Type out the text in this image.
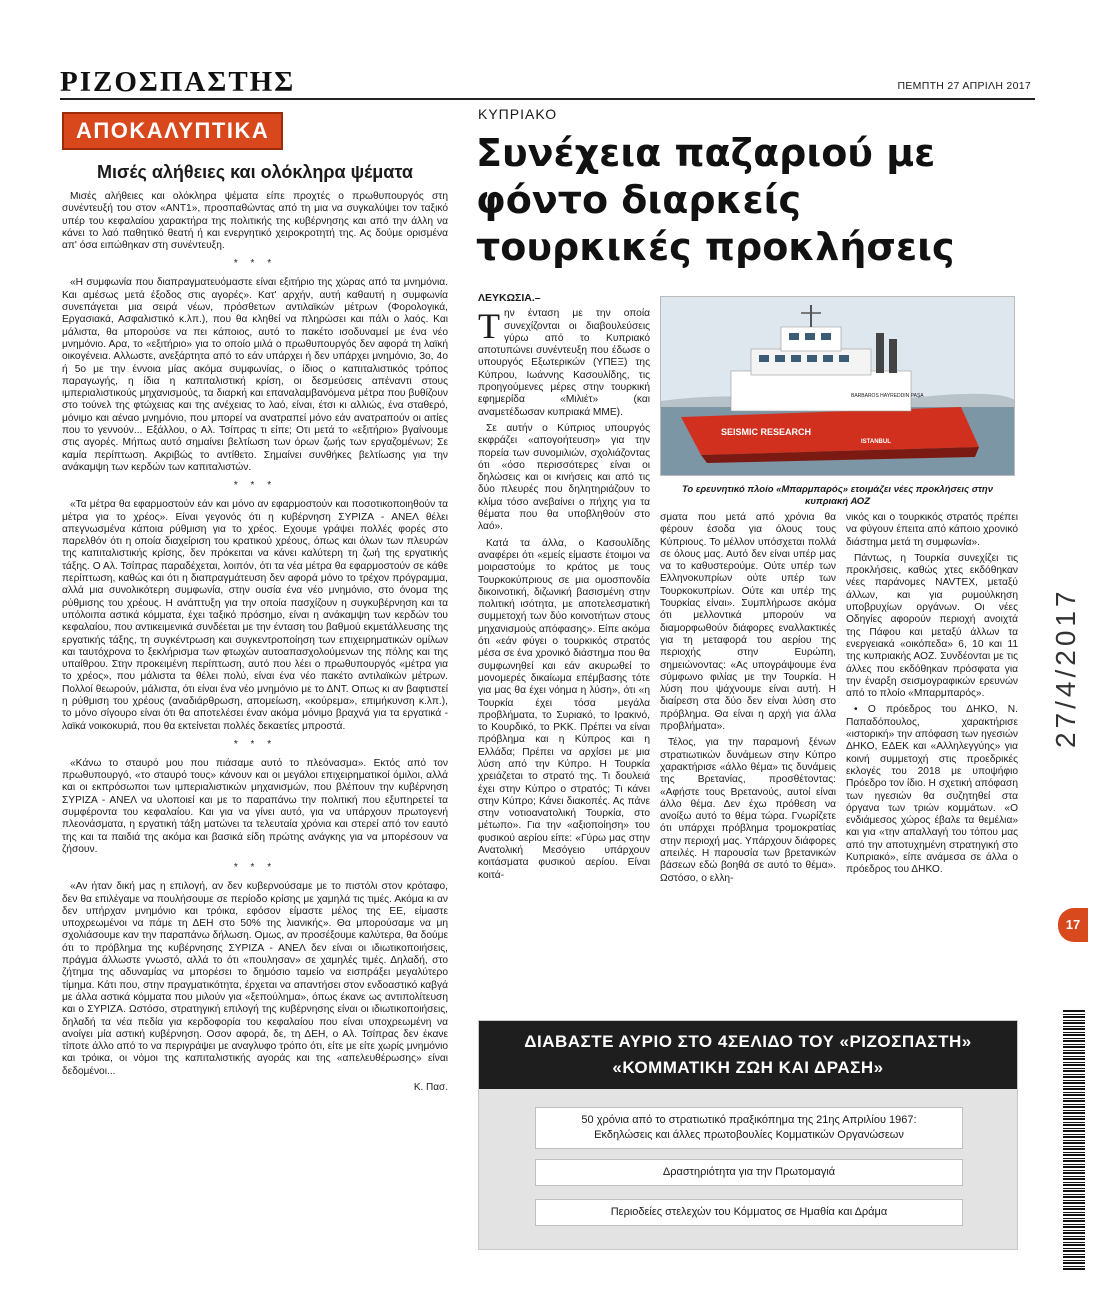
ΡΙΖΟΣΠΑΣΤΗΣ	ΠΕΜΠΤΗ 27 ΑΠΡΙΛΗ 2017
ΑΠΟΚΑΛΥΠΤΙΚΑ
Μισές αλήθειες και ολόκληρα ψέματα

Μισές αλήθειες και ολόκληρα ψέματα είπε προχτές ο πρωθυπουργός στη συνέντευξή του στον «ΑΝΤ1», προσπαθώντας από τη μια να συγκαλύψει τον ταξικό υπέρ του κεφαλαίου χαρακτήρα της πολιτικής της κυβέρνησης και από την άλλη να κάνει το λαό παθητικό θεατή ή και ενεργητικό χειροκροτητή της. Ας δούμε ορισμένα απ' όσα ειπώθηκαν στη συνέντευξη.

* * *

«Η συμφωνία που διαπραγματευόμαστε είναι εξιτήριο της χώρας από τα μνημόνια. Και αμέσως μετά έξοδος στις αγορές». Κατ' αρχήν, αυτή καθαυτή η συμφωνία συνεπάγεται μια σειρά νέων, πρόσθετων αντιλαϊκών μέτρων (Φορολογικά, Εργασιακά, Ασφαλιστικό κ.λπ.), που θα κληθεί να πληρώσει και πάλι ο λαός. Και μάλιστα, θα μπορούσε να πει κάποιος, αυτό το πακέτο ισοδυναμεί με ένα νέο μνημόνιο. Αρα, το «εξιτήριο» για το οποίο μιλά ο πρωθυπουργός δεν αφορά τη λαϊκή οικογένεια. Αλλωστε, ανεξάρτητα από το εάν υπάρχει ή δεν υπάρχει μνημόνιο, 3ο, 4ο ή 5ο με την έννοια μίας ακόμα συμφωνίας, ο ίδιος ο καπιταλιστικός τρόπος παραγωγής, η ίδια η καπιταλιστική κρίση, οι δεσμεύσεις απέναντι στους ιμπεριαλιστικούς μηχανισμούς, τα διαρκή και επαναλαμβανόμενα μέτρα που βυθίζουν στο τούνελ της φτώχειας και της ανέχειας το λαό, είναι, έτσι κι αλλιώς, ένα σταθερό, μόνιμο και αέναο μνημόνιο, που μπορεί να ανατραπεί μόνο εάν ανατραπούν οι αιτίες που το γεννούν... Εξάλλου, ο Αλ. Τσίπρας τι είπε; Οτι μετά το «εξιτήριο» βγαίνουμε στις αγορές. Μήπως αυτό σημαίνει βελτίωση των όρων ζωής των εργαζομένων; Σε καμία περίπτωση. Ακριβώς το αντίθετο. Σημαίνει συνθήκες βελτίωσης για την ανάκαμψη των κερδών των καπιταλιστών.

* * *

«Τα μέτρα θα εφαρμοστούν εάν και μόνο αν εφαρμοστούν και ποσοτικοποιηθούν τα μέτρα για το χρέος». Είναι γεγονός ότι η κυβέρνηση ΣΥΡΙΖΑ - ΑΝΕΛ θέλει απεγνωσμένα κάποια ρύθμιση για το χρέος. Εχουμε γράψει πολλές φορές στο παρελθόν ότι η οποία διαχείριση του κρατικού χρέους, όπως και όλων των πλευρών της καπιταλιστικής κρίσης, δεν πρόκειται να κάνει καλύτερη τη ζωή της εργατικής τάξης. Ο Αλ. Τσίπρας παραδέχεται, λοιπόν, ότι τα νέα μέτρα θα εφαρμοστούν σε κάθε περίπτωση, καθώς και ότι η διαπραγμάτευση δεν αφορά μόνο το τρέχον πρόγραμμα, αλλά μια συνολικότερη συμφωνία, στην ουσία ένα νέο μνημόνιο, στο όνομα της ρύθμισης του χρέους. Η ανάπτυξη για την οποία πασχίζουν η συγκυβέρνηση και τα υπόλοιπα αστικά κόμματα, έχει ταξικό πρόσημο, είναι η ανάκαμψη των κερδών του κεφαλαίου, που αντικειμενικά συνδέεται με την ένταση του βαθμού εκμετάλλευσης της εργατικής τάξης, τη συγκέντρωση και συγκεντροποίηση των επιχειρηματικών ομίλων και ταυτόχρονα το ξεκλήρισμα των φτωχών αυτοαπασχολούμενων της πόλης και της υπαίθρου. Στην προκειμένη περίπτωση, αυτό που λέει ο πρωθυπουργός «μέτρα για το χρέος», που μάλιστα τα θέλει πολύ, είναι ένα νέο πακέτο αντιλαϊκών μέτρων. Πολλοί θεωρούν, μάλιστα, ότι είναι ένα νέο μνημόνιο με το ΔΝΤ. Οπως κι αν βαφτιστεί η ρύθμιση του χρέους (αναδιάρθρωση, απομείωση, «κούρεμα», επιμήκυνση κ.λπ.), το μόνο σίγουρο είναι ότι θα αποτελέσει έναν ακόμα μόνιμο βραχνά για τα εργατικά - λαϊκά νοικοκυριά, που θα εκτείνεται πολλές δεκαετίες μπροστά.

* * *

«Κάνω το σταυρό μου που πιάσαμε αυτό το πλεόνασμα». Εκτός από τον πρωθυπουργό, «το σταυρό τους» κάνουν και οι μεγάλοι επιχειρηματικοί όμιλοι, αλλά και οι εκπρόσωποι των ιμπεριαλιστικών μηχανισμών, που βλέπουν την κυβέρνηση ΣΥΡΙΖΑ - ΑΝΕΛ να υλοποιεί και με το παραπάνω την πολιτική που εξυπηρετεί τα συμφέροντα του κεφαλαίου. Και για να γίνει αυτό, για να υπάρχουν πρωτογενή πλεονάσματα, η εργατική τάξη ματώνει τα τελευταία χρόνια και στερεί από τον εαυτό της και τα παιδιά της ακόμα και βασικά είδη πρώτης ανάγκης για να μπορέσουν να ζήσουν.

* * *

«Αν ήταν δική μας η επιλογή, αν δεν κυβερνούσαμε με το πιστόλι στον κρόταφο, δεν θα επιλέγαμε να πουλήσουμε σε περίοδο κρίσης με χαμηλά τις τιμές. Ακόμα κι αν δεν υπήρχαν μνημόνιο και τρόικα, εφόσον είμαστε μέλος της ΕΕ, είμαστε υποχρεωμένοι να πάμε τη ΔΕΗ στο 50% της λιανικής». Θα μπορούσαμε να μη σχολιάσουμε καν την παραπάνω δήλωση. Ομως, αν προσέξουμε καλύτερα, θα δούμε ότι το πρόβλημα της κυβέρνησης ΣΥΡΙΖΑ - ΑΝΕΛ δεν είναι οι ιδιωτικοποιήσεις, πράγμα άλλωστε γνωστό, αλλά το ότι «πουλησαν» σε χαμηλές τιμές. Δηλαδή, στο ζήτημα της αδυναμίας να μπορέσει το δημόσιο ταμείο να εισπράξει μεγαλύτερο τίμημα. Κάτι που, στην πραγματικότητα, έρχεται να απαντήσει στον ενδοαστικό καβγά με άλλα αστικά κόμματα που μιλούν για «ξεπούλημα», όπως έκανε ως αντιπολίτευση και ο ΣΥΡΙΖΑ. Ωστόσο, στρατηγική επιλογή της κυβέρνησης είναι οι ιδιωτικοποιήσεις, δηλαδή τα νέα πεδία για κερδοφορία του κεφαλαίου που είναι υποχρεωμένη να ανοίγει μία αστική κυβέρνηση. Οσον αφορά, δε, τη ΔΕΗ, ο Αλ. Τσίπρας δεν έκανε τίποτε άλλο από το να περιγράψει με αναγλυφο τρόπο ότι, είτε με είτε χωρίς μνημόνιο και τρόικα, οι νόμοι της καπιταλιστικής αγοράς και της «απελευθέρωσης» είναι δεδομένοι...

Κ. Πασ.
ΚΥΠΡΙΑΚΟ
Συνέχεια παζαριού με φόντο διαρκείς τουρκικές προκλήσεις
ΛΕΥΚΩΣΙΑ.–
Τ ην ένταση με την οποία συνεχίζονται οι διαβουλεύσεις γύρω από το Κυπριακό αποτυπώνει συνέντευξη που έδωσε ο υπουργός Εξωτερικών (ΥΠΕΞ) της Κύπρου, Ιωάννης Κασουλίδης, τις προηγούμενες μέρες στην τουρκική εφημερίδα «Μιλιέτ» (και αναμετέδωσαν κυπριακά ΜΜΕ).

Σε αυτήν ο Κύπριος υπουργός εκφράζει «απογοήτευση» για την πορεία των συνομιλιών, σχολιάζοντας ότι «όσο περισσότερες είναι οι δηλώσεις και οι κινήσεις και από τις δύο πλευρές που δηλητηριάζουν το κλίμα τόσο ανεβαίνει ο πήχης για τα θέματα που θα υποβληθούν στο λαό».

Κατά τα άλλα, ο Κασουλίδης αναφέρει ότι «εμείς είμαστε έτοιμοι να μοιραστούμε το κράτος με τους Τουρκοκύπριους σε μια ομοσπονδία δικοινοτική, διζωνική βασισμένη στην πολιτική ισότητα, με αποτελεσματική συμμετοχή των δύο κοινοτήτων στους μηχανισμούς απόφασης». Είπε ακόμα ότι «εάν φύγει ο τουρκικός στρατός μέσα σε ένα χρονικό διάστημα που θα συμφωνηθεί και εάν ακυρωθεί το μονομερές δικαίωμα επέμβασης τότε για μας θα έχει νόημα η λύση», ότι «η Τουρκία έχει τόσα μεγάλα προβλήματα, το Συριακό, το Ιρακινό, το Κουρδικό, το ΡΚΚ. Πρέπει να είναι πρόβλημα και η Κύπρος και η Ελλάδα; Πρέπει να αρχίσει με μια λύση από την Κύπρο. Η Τουρκία χρειάζεται το στρατό της. Τι δουλειά έχει στην Κύπρο ο στρατός; Τι κάνει στην Κύπρο; Κάνει διακοπές. Ας πάνε στην νοτιοανατολική Τουρκία, στο μέτωπο». Για την «αξιοποίηση» του φυσικού αερίου είπε: «Γύρω μας στην Ανατολική Μεσόγειο υπάρχουν κοιτάσματα φυσικού αερίου. Είναι κοιτά-

SEISMIC RESEARCH
BARBAROS HAYREDDIN PAŞA
ISTANBUL
Το ερευνητικό πλοίο «Μπαρμπαρός» ετοιμάζει νέες προκλήσεις στην κυπριακή ΑΟΖ

σματα που μετά από χρόνια θα φέρουν έσοδα για όλους τους Κύπριους. Το μέλλον υπόσχεται πολλά σε όλους μας. Αυτό δεν είναι υπέρ μας να το καθυστερούμε. Ούτε υπέρ των Ελληνοκυπρίων ούτε υπέρ των Τουρκοκυπρίων. Ούτε και υπέρ της Τουρκίας είναι». Συμπλήρωσε ακόμα ότι μελλοντικά μπορούν να διαμορφωθούν διάφορες εναλλακτικές για τη μεταφορά του αερίου της περιοχής στην Ευρώπη, σημειώνοντας: «Ας υπογράψουμε ένα σύμφωνο φιλίας με την Τουρκία. Η λύση που ψάχνουμε είναι αυτή. Η διαίρεση στα δύο δεν είναι λύση στο πρόβλημα. Θα είναι η αρχή για άλλα προβλήματα».

Τέλος, για την παραμονή ξένων στρατιωτικών δυνάμεων στην Κύπρο χαρακτήρισε «άλλο θέμα» τις δυνάμεις της Βρετανίας, προσθέτοντας: «Αφήστε τους Βρετανούς, αυτοί είναι άλλο θέμα. Δεν έχω πρόθεση να ανοίξω αυτό το θέμα τώρα. Γνωρίζετε ότι υπάρχει πρόβλημα τρομοκρατίας στην περιοχή μας. Υπάρχουν διάφορες απειλές. Η παρουσία των βρετανικών βάσεων εδώ βοηθά σε αυτό το θέμα». Ωστόσο, ο ελλη-

νικός και ο τουρκικός στρατός πρέπει να φύγουν έπειτα από κάποιο χρονικό διάστημα μετά τη συμφωνία».

Πάντως, η Τουρκία συνεχίζει τις προκλήσεις, καθώς χτες εκδόθηκαν νέες παράνομες NAVTEX, μεταξύ άλλων, και για ρυμούλκηση υποβρυχίων οργάνων. Οι νέες Οδηγίες αφορούν περιοχή ανοιχτά της Πάφου και μεταξύ άλλων τα ενεργειακά «οικόπεδα» 6, 10 και 11 της κυπριακής ΑΟΖ. Συνδέονται με τις άλλες που εκδόθηκαν πρόσφατα για την έναρξη σεισμογραφικών ερευνών από το πλοίο «Μπαρμπαρός».

• Ο πρόεδρος του ΔΗΚΟ, Ν. Παπαδόπουλος, χαρακτήρισε «ιστορική» την απόφαση των ηγεσιών ΔΗΚΟ, ΕΔΕΚ και «Αλληλεγγύης» για κοινή συμμετοχή στις προεδρικές εκλογές του 2018 με υποψήφιο Πρόεδρο τον ίδιο. Η σχετική απόφαση των ηγεσιών θα συζητηθεί στα όργανα των τριών κομμάτων. «Ο ενδιάμεσος χώρος έβαλε τα θεμέλια» και για «την απαλλαγή του τόπου μας από την αποτυχημένη στρατηγική στο Κυπριακό», είπε ανάμεσα σε άλλα ο πρόεδρος του ΔΗΚΟ.

ΔΙΑΒΑΣΤΕ ΑΥΡΙΟ ΣΤΟ 4ΣΕΛΙΔΟ ΤΟΥ «ΡΙΖΟΣΠΑΣΤΗ»
«ΚΟΜΜΑΤΙΚΗ ΖΩΗ ΚΑΙ ΔΡΑΣΗ»
50 χρόνια από το στρατιωτικό πραξικόπημα της 21ης Απριλίου 1967:
Εκδηλώσεις και άλλες πρωτοβουλίες Κομματικών Οργανώσεων
Δραστηριότητα για την Πρωτομαγιά
Περιοδείες στελεχών του Κόμματος σε Ημαθία και Δράμα
27/4/2017
17
